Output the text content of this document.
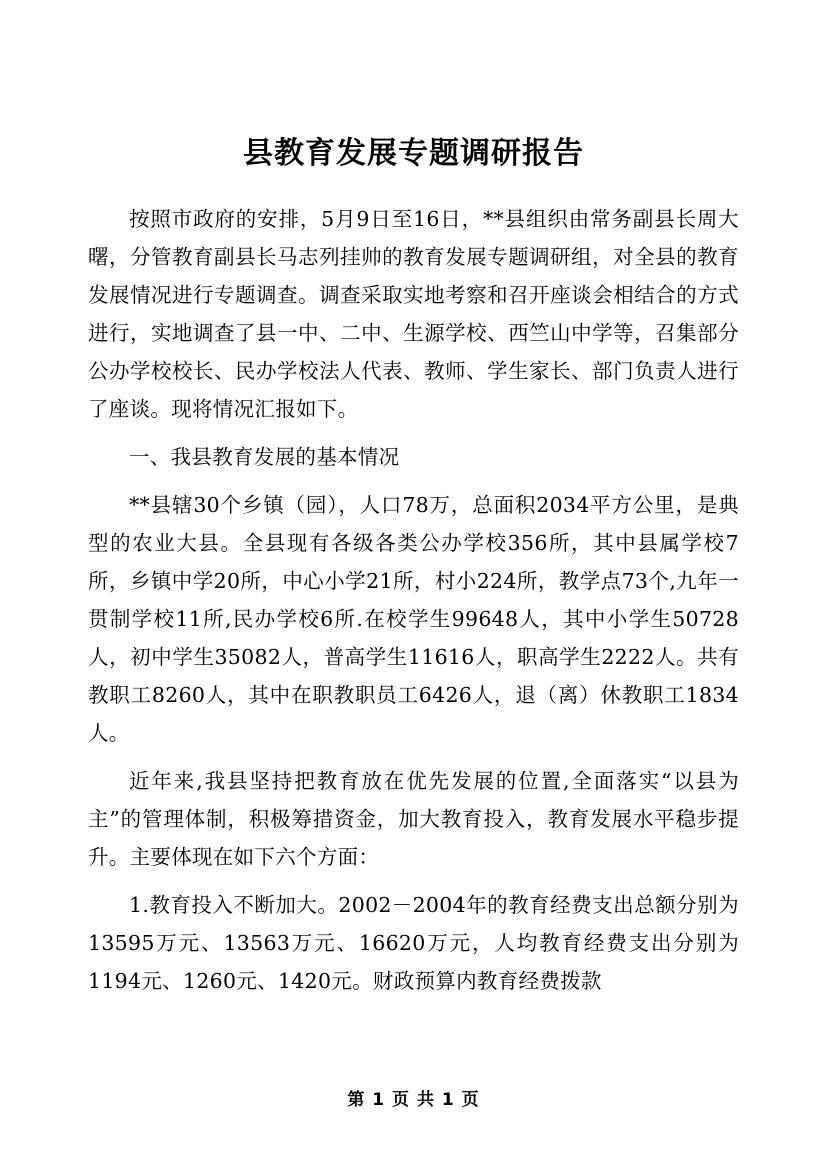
县教育发展专题调研报告

按照市政府的安排，5月9日至16日，**县组织由常务副县长周大曙，分管教育副县长马志列挂帅的教育发展专题调研组，对全县的教育发展情况进行专题调查。调查采取实地考察和召开座谈会相结合的方式进行，实地调查了县一中、二中、生源学校、西竺山中学等，召集部分公办学校校长、民办学校法人代表、教师、学生家长、部门负责人进行了座谈。现将情况汇报如下。

一、我县教育发展的基本情况

**县辖30个乡镇（园），人口78万，总面积2034平方公里，是典型的农业大县。全县现有各级各类公办学校356所，其中县属学校7所，乡镇中学20所，中心小学21所，村小224所，教学点73个,九年一贯制学校11所,民办学校6所.在校学生99648人，其中小学生50728人，初中学生35082人，普高学生11616人，职高学生2222人。共有教职工8260人，其中在职教职员工6426人，退（离）休教职工1834人。

近年来,我县坚持把教育放在优先发展的位置,全面落实“以县为主”的管理体制，积极筹措资金，加大教育投入，教育发展水平稳步提升。主要体现在如下六个方面：

1.教育投入不断加大。2002－2004年的教育经费支出总额分别为13595万元、13563万元、16620万元，人均教育经费支出分别为1194元、1260元、1420元。财政预算内教育经费拨款

第 1 页 共 1 页
